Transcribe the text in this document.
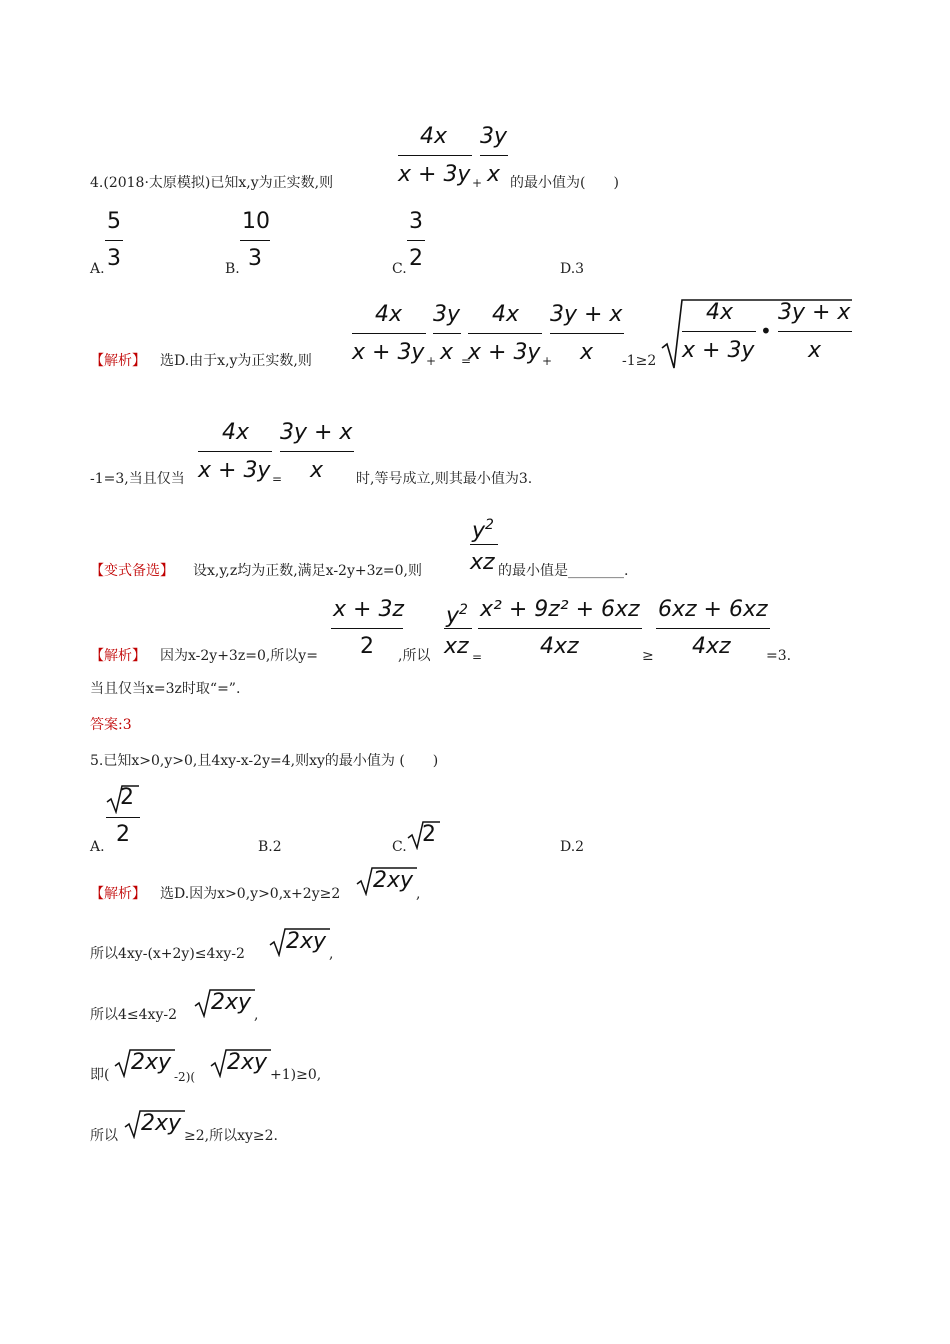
4x
x + 3y +
3y
x
4.(2018·太原模拟)已知x,y为正实数,则	的最小值为(　　)
A.
5
3	B.
10
3	C.
3
2	D.3
【解析】 选D.由于x,y为正实数,则
4x
x + 3y +
3y
x =
4x
x + 3y +
3y + x
x -1≥2
4x
x + 3y
•
3y + x
x
-1=3,当且仅当
4x
x + 3y =
3y + x
x 时,等号成立,则其最小值为3.
【变式备选】 设x,y,z均为正数,满足x-2y+3z=0,则
$y^2$
xz 的最小值是________.
【解析】 因为x-2y+3z=0,所以y=
x + 3z
2 ,所以
$y^2$
xz =
x² + 9z² + 6xz
4xz	≥
6xz + 6xz
4xz	=3.
当且仅当x=3z时取“=”.
答案:3
5.已知x>0,y>0,且4xy-x-2y=4,则xy的最小值为 (　　)
A.
2
2	B.2	C. 2	D.2
【解析】 选D.因为x>0,y>0,x+2y≥2
2xy
,
所以4xy-(x+2y)≤4xy-2 2xy ,
所以4≤4xy-2 2xy ,
即( 2xy
-2)(
2xy +1)≥0,
所以 2xy ≥2,所以xy≥2.
